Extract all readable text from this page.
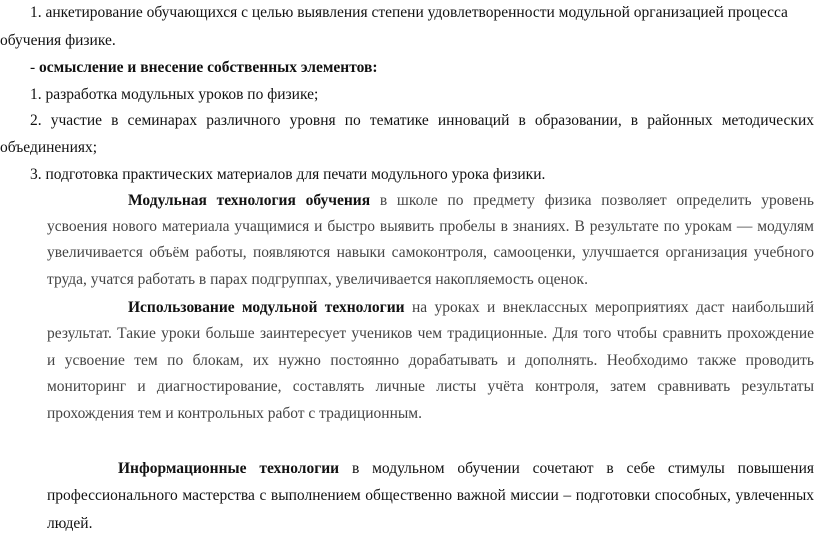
1. анкетирование обучающихся с целью выявления степени удовлетворенности модульной организацией процесса
обучения физике.
- осмысление и внесение собственных элементов:
1. разработка модульных уроков по физике;
2. участие в семинарах различного уровня по тематике инноваций в образовании, в районных методических
объединениях;
3. подготовка практических материалов для печати модульного урока физики.
Модульная технология обучения в школе по предмету физика позволяет определить уровень
усвоения нового материала учащимися и быстро выявить пробелы в знаниях. В результате по урокам — модулям
увеличивается объём работы, появляются навыки самоконтроля, самооценки, улучшается организация учебного
труда, учатся работать в парах подгруппах, увеличивается накопляемость оценок.
Использование модульной технологии на уроках и внеклассных мероприятиях даст наибольший
результат. Такие уроки больше заинтересует учеников чем традиционные. Для того чтобы сравнить прохождение
и усвоение тем по блокам, их нужно постоянно дорабатывать и дополнять. Необходимо также проводить
мониторинг и диагностирование, составлять личные листы учёта контроля, затем сравнивать результаты
прохождения тем и контрольных работ с традиционным.
Информационные технологии в модульном обучении сочетают в себе стимулы повышения
профессионального мастерства с выполнением общественно важной миссии – подготовки способных, увлеченных
людей.
